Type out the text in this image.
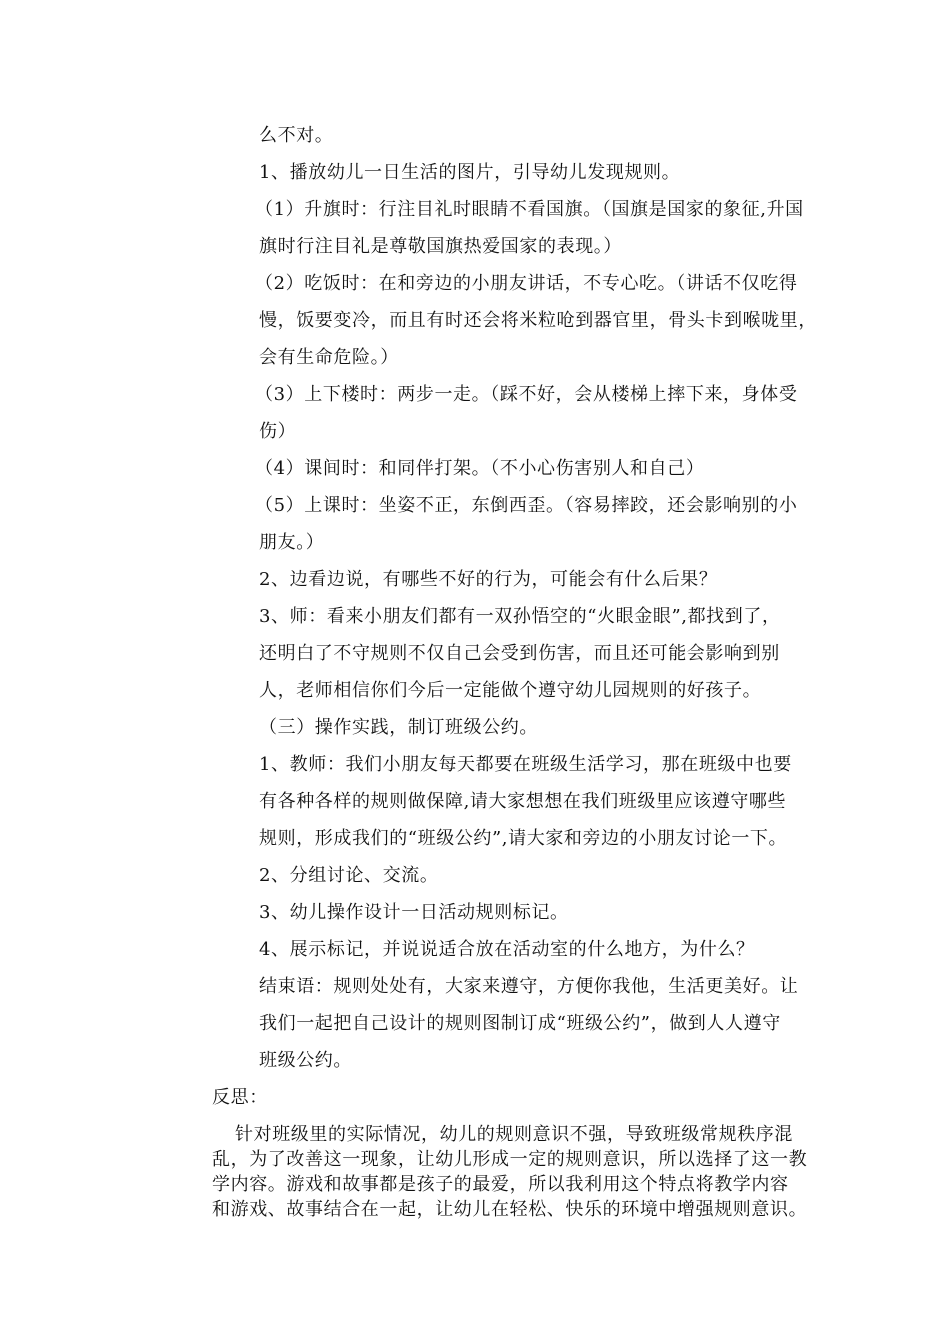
么不对。
1、播放幼儿一日生活的图片，引导幼儿发现规则。
（1）升旗时：行注目礼时眼睛不看国旗。（国旗是国家的象征,升国
旗时行注目礼是尊敬国旗热爱国家的表现。）
（2）吃饭时：在和旁边的小朋友讲话，不专心吃。（讲话不仅吃得
慢，饭要变冷，而且有时还会将米粒呛到器官里，骨头卡到喉咙里，
会有生命危险。）
（3）上下楼时：两步一走。（踩不好，会从楼梯上摔下来，身体受
伤）
（4）课间时：和同伴打架。（不小心伤害别人和自己）
（5）上课时：坐姿不正，东倒西歪。（容易摔跤，还会影响别的小
朋友。）
2、边看边说，有哪些不好的行为，可能会有什么后果？
3、师：看来小朋友们都有一双孙悟空的“火眼金眼”,都找到了，
还明白了不守规则不仅自己会受到伤害，而且还可能会影响到别
人，老师相信你们今后一定能做个遵守幼儿园规则的好孩子。
（三）操作实践，制订班级公约。
1、教师：我们小朋友每天都要在班级生活学习，那在班级中也要
有各种各样的规则做保障,请大家想想在我们班级里应该遵守哪些
规则，形成我们的“班级公约”,请大家和旁边的小朋友讨论一下。
2、分组讨论、交流。
3、幼儿操作设计一日活动规则标记。
4、展示标记，并说说适合放在活动室的什么地方，为什么？
结束语：规则处处有，大家来遵守，方便你我他，生活更美好。让
我们一起把自己设计的规则图制订成“班级公约”，做到人人遵守
班级公约。
反思：
针对班级里的实际情况，幼儿的规则意识不强，导致班级常规秩序混
乱，为了改善这一现象，让幼儿形成一定的规则意识，所以选择了这一教
学内容。游戏和故事都是孩子的最爱，所以我利用这个特点将教学内容
和游戏、故事结合在一起，让幼儿在轻松、快乐的环境中增强规则意识。
